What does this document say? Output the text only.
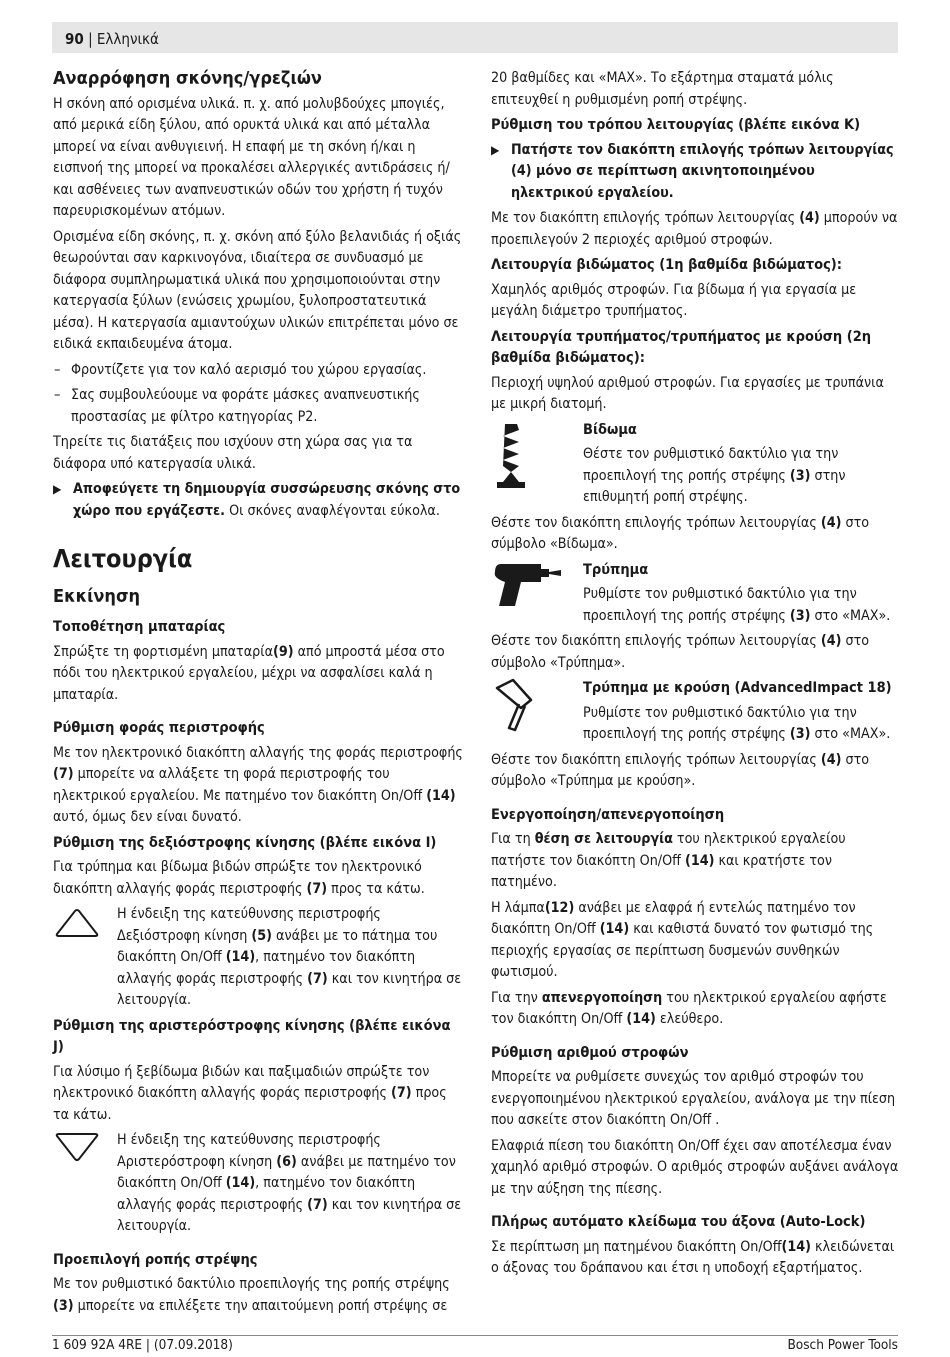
90 | Ελληνικά
Αναρρόφηση σκόνης/γρεζιών

Η σκόνη από ορισμένα υλικά. π. χ. από μολυβδούχες μπογιές, από μερικά είδη ξύλου, από ορυκτά υλικά και από μέταλλα μπορεί να είναι ανθυγιεινή. Η επαφή με τη σκόνη ή/και η εισπνοή της μπορεί να προκαλέσει αλλεργικές αντιδράσεις ή/ και ασθένειες των αναπνευστικών οδών του χρήστη ή τυχόν παρευρισκομένων ατόμων.

Ορισμένα είδη σκόνης, π. χ. σκόνη από ξύλο βελανιδιάς ή οξιάς θεωρούνται σαν καρκινογόνα, ιδιαίτερα σε συνδυασμό με διάφορα συμπληρωματικά υλικά που χρησιμοποιούνται στην κατεργασία ξύλων (ενώσεις χρωμίου, ξυλοπροστατευτικά μέσα). Η κατεργασία αμιαντούχων υλικών επιτρέπεται μόνο σε ειδικά εκπαιδευμένα άτομα.

– Φροντίζετε για τον καλό αερισμό του χώρου εργασίας.

– Σας συμβουλεύουμε να φοράτε μάσκες αναπνευστικής προστασίας με φίλτρο κατηγορίας P2.

Τηρείτε τις διατάξεις που ισχύουν στη χώρα σας για τα διάφορα υπό κατεργασία υλικά.

▶ Αποφεύγετε τη δημιουργία συσσώρευσης σκόνης στο χώρο που εργάζεστε. Οι σκόνες αναφλέγονται εύκολα.

Λειτουργία
Εκκίνηση
Τοποθέτηση μπαταρίας

Σπρώξτε τη φορτισμένη μπαταρία(9) από μπροστά μέσα στο πόδι του ηλεκτρικού εργαλείου, μέχρι να ασφαλίσει καλά η μπαταρία.

Ρύθμιση φοράς περιστροφής

Με τον ηλεκτρονικό διακόπτη αλλαγής της φοράς περιστροφής (7) μπορείτε να αλλάξετε τη φορά περιστροφής του ηλεκτρικού εργαλείου. Με πατημένο τον διακόπτη On/Off (14) αυτό, όμως δεν είναι δυνατό.

Ρύθμιση της δεξιόστροφης κίνησης (βλέπε εικόνα I)

Για τρύπημα και βίδωμα βιδών σπρώξτε τον ηλεκτρονικό διακόπτη αλλαγής φοράς περιστροφής (7) προς τα κάτω.

Η ένδειξη της κατεύθυνσης περιστροφής Δεξιόστροφη κίνηση (5) ανάβει με το πάτημα του διακόπτη On/Off (14), πατημένο τον διακόπτη αλλαγής φοράς περιστροφής (7) και τον κινητήρα σε λειτουργία.
Ρύθμιση της αριστερόστροφης κίνησης (βλέπε εικόνα J)

Για λύσιμο ή ξεβίδωμα βιδών και παξιμαδιών σπρώξτε τον ηλεκτρονικό διακόπτη αλλαγής φοράς περιστροφής (7) προς τα κάτω.

Η ένδειξη της κατεύθυνσης περιστροφής Αριστερόστροφη κίνηση (6) ανάβει με πατημένο τον διακόπτη On/Off (14), πατημένο τον διακόπτη αλλαγής φοράς περιστροφής (7) και τον κινητήρα σε λειτουργία.
Προεπιλογή ροπής στρέψης

Με τον ρυθμιστικό δακτύλιο προεπιλογής της ροπής στρέψης (3) μπορείτε να επιλέξετε την απαιτούμενη ροπή στρέψης σε

20 βαθμίδες και «MAX». Το εξάρτημα σταματά μόλις επιτευχθεί η ρυθμισμένη ροπή στρέψης.

Ρύθμιση του τρόπου λειτουργίας (βλέπε εικόνα K)

▶ Πατήστε τον διακόπτη επιλογής τρόπων λειτουργίας (4) μόνο σε περίπτωση ακινητοποιημένου ηλεκτρικού εργαλείου.

Με τον διακόπτη επιλογής τρόπων λειτουργίας (4) μπορούν να προεπιλεγούν 2 περιοχές αριθμού στροφών.

Λειτουργία βιδώματος (1η βαθμίδα βιδώματος):

Χαμηλός αριθμός στροφών. Για βίδωμα ή για εργασία με μεγάλη διάμετρο τρυπήματος.

Λειτουργία τρυπήματος/τρυπήματος με κρούση (2η βαθμίδα βιδώματος):

Περιοχή υψηλού αριθμού στροφών. Για εργασίες με τρυπάνια με μικρή διατομή.

Βίδωμα
Θέστε τον ρυθμιστικό δακτύλιο για την προεπιλογή της ροπής στρέψης (3) στην επιθυμητή ροπή στρέψης.

Θέστε τον διακόπτη επιλογής τρόπων λειτουργίας (4) στο σύμβολο «Βίδωμα».

Τρύπημα
Ρυθμίστε τον ρυθμιστικό δακτύλιο για την προεπιλογή της ροπής στρέψης (3) στο «MAX».

Θέστε τον διακόπτη επιλογής τρόπων λειτουργίας (4) στο σύμβολο «Τρύπημα».

Τρύπημα με κρούση (AdvancedImpact 18)
Ρυθμίστε τον ρυθμιστικό δακτύλιο για την προεπιλογή της ροπής στρέψης (3) στο «MAX».

Θέστε τον διακόπτη επιλογής τρόπων λειτουργίας (4) στο σύμβολο «Τρύπημα με κρούση».

Ενεργοποίηση/απενεργοποίηση

Για τη θέση σε λειτουργία του ηλεκτρικού εργαλείου πατήστε τον διακόπτη On/Off (14) και κρατήστε τον πατημένο.

Η λάμπα(12) ανάβει με ελαφρά ή εντελώς πατημένο τον διακόπτη On/Off (14) και καθιστά δυνατό τον φωτισμό της περιοχής εργασίας σε περίπτωση δυσμενών συνθηκών φωτισμού.

Για την απενεργοποίηση του ηλεκτρικού εργαλείου αφήστε τον διακόπτη On/Off (14) ελεύθερο.

Ρύθμιση αριθμού στροφών

Μπορείτε να ρυθμίσετε συνεχώς τον αριθμό στροφών του ενεργοποιημένου ηλεκτρικού εργαλείου, ανάλογα με την πίεση που ασκείτε στον διακόπτη On/Off .

Ελαφριά πίεση του διακόπτη On/Off έχει σαν αποτέλεσμα έναν χαμηλό αριθμό στροφών. Ο αριθμός στροφών αυξάνει ανάλογα με την αύξηση της πίεσης.

Πλήρως αυτόματο κλείδωμα του άξονα (Auto-Lock)

Σε περίπτωση μη πατημένου διακόπτη On/Off(14) κλειδώνεται ο άξονας του δράπανου και έτσι η υποδοχή εξαρτήματος.

1 609 92A 4RE | (07.09.2018)	Bosch Power Tools
